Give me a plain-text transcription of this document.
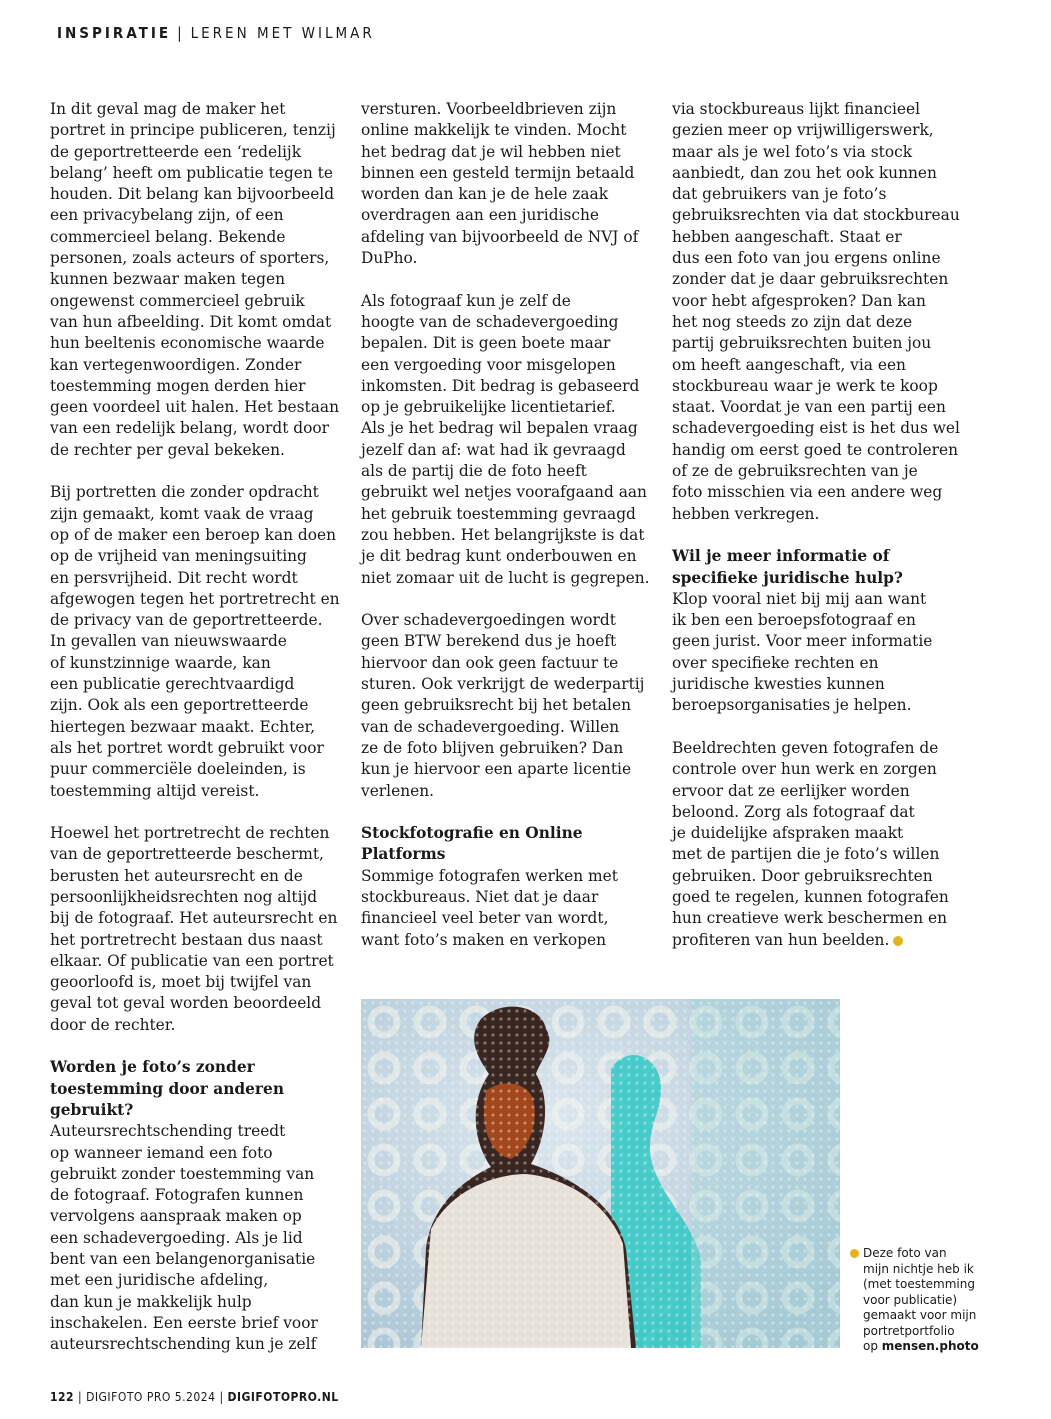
INSPIRATIE | LEREN MET WILMAR

In dit geval mag de maker het
portret in principe publiceren, tenzij
de geportretteerde een ‘redelijk
belang’ heeft om publicatie tegen te
houden. Dit belang kan bijvoorbeeld
een privacybelang zijn, of een
commercieel belang. Bekende
personen, zoals acteurs of sporters,
kunnen bezwaar maken tegen
ongewenst commercieel gebruik
van hun afbeelding. Dit komt omdat
hun beeltenis economische waarde
kan vertegenwoordigen. Zonder
toestemming mogen derden hier
geen voordeel uit halen. Het bestaan
van een redelijk belang, wordt door
de rechter per geval bekeken.

Bij portretten die zonder opdracht
zijn gemaakt, komt vaak de vraag
op of de maker een beroep kan doen
op de vrijheid van meningsuiting
en persvrijheid. Dit recht wordt
afgewogen tegen het portretrecht en
de privacy van de geportretteerde.
In gevallen van nieuwswaarde
of kunstzinnige waarde, kan
een publicatie gerechtvaardigd
zijn. Ook als een geportretteerde
hiertegen bezwaar maakt. Echter,
als het portret wordt gebruikt voor
puur commerciële doeleinden, is
toestemming altijd vereist.

Hoewel het portretrecht de rechten
van de geportretteerde beschermt,
berusten het auteursrecht en de
persoonlijkheidsrechten nog altijd
bij de fotograaf. Het auteursrecht en
het portretrecht bestaan dus naast
elkaar. Of publicatie van een portret
geoorloofd is, moet bij twijfel van
geval tot geval worden beoordeeld
door de rechter.

Worden je foto’s zonder
toestemming door anderen
gebruikt?

Auteursrechtschending treedt
op wanneer iemand een foto
gebruikt zonder toestemming van
de fotograaf. Fotografen kunnen
vervolgens aanspraak maken op
een schadevergoeding. Als je lid
bent van een belangenorganisatie
met een juridische afdeling,
dan kun je makkelijk hulp
inschakelen. Een eerste brief voor
auteursrechtschending kun je zelf

versturen. Voorbeeldbrieven zijn
online makkelijk te vinden. Mocht
het bedrag dat je wil hebben niet
binnen een gesteld termijn betaald
worden dan kan je de hele zaak
overdragen aan een juridische
afdeling van bijvoorbeeld de NVJ of
DuPho.

Als fotograaf kun je zelf de
hoogte van de schadevergoeding
bepalen. Dit is geen boete maar
een vergoeding voor misgelopen
inkomsten. Dit bedrag is gebaseerd
op je gebruikelijke licentietarief.
Als je het bedrag wil bepalen vraag
jezelf dan af: wat had ik gevraagd
als de partij die de foto heeft
gebruikt wel netjes voorafgaand aan
het gebruik toestemming gevraagd
zou hebben. Het belangrijkste is dat
je dit bedrag kunt onderbouwen en
niet zomaar uit de lucht is gegrepen.

Over schadevergoedingen wordt
geen BTW berekend dus je hoeft
hiervoor dan ook geen factuur te
sturen. Ook verkrijgt de wederpartij
geen gebruiksrecht bij het betalen
van de schadevergoeding. Willen
ze de foto blijven gebruiken? Dan
kun je hiervoor een aparte licentie
verlenen.

Stockfotografie en Online
Platforms

Sommige fotografen werken met
stockbureaus. Niet dat je daar
financieel veel beter van wordt,
want foto’s maken en verkopen

via stockbureaus lijkt financieel
gezien meer op vrijwilligerswerk,
maar als je wel foto’s via stock
aanbiedt, dan zou het ook kunnen
dat gebruikers van je foto’s
gebruiksrechten via dat stockbureau
hebben aangeschaft. Staat er
dus een foto van jou ergens online
zonder dat je daar gebruiksrechten
voor hebt afgesproken? Dan kan
het nog steeds zo zijn dat deze
partij gebruiksrechten buiten jou
om heeft aangeschaft, via een
stockbureau waar je werk te koop
staat. Voordat je van een partij een
schadevergoeding eist is het dus wel
handig om eerst goed te controleren
of ze de gebruiksrechten van je
foto misschien via een andere weg
hebben verkregen.

Wil je meer informatie of
specifieke juridische hulp?

Klop vooral niet bij mij aan want
ik ben een beroepsfotograaf en
geen jurist. Voor meer informatie
over specifieke rechten en
juridische kwesties kunnen
beroepsorganisaties je helpen.

Beeldrechten geven fotografen de
controle over hun werk en zorgen
ervoor dat ze eerlijker worden
beloond. Zorg als fotograaf dat
je duidelijke afspraken maakt
met de partijen die je foto’s willen
gebruiken. Door gebruiksrechten
goed te regelen, kunnen fotografen
hun creatieve werk beschermen en
profiteren van hun beelden.

Deze foto van
mijn nichtje heb ik
(met toestemming
voor publicatie)
gemaakt voor mijn
portretportfolio
op mensen.photo
122 | DIGIFOTO PRO 5.2024 | DIGIFOTOPRO.NL
